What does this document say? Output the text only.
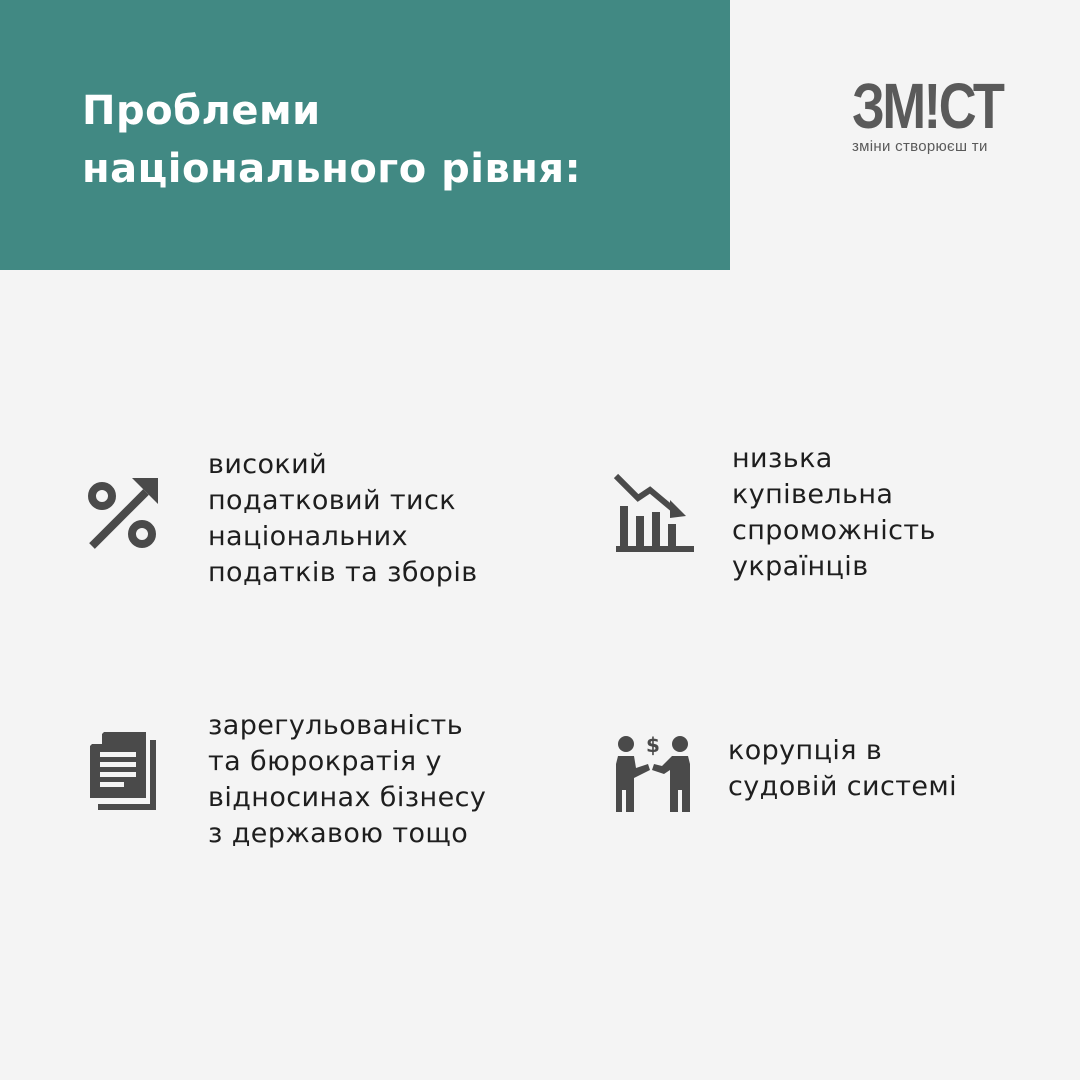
Проблеми
національного рівня:
ЗМ!СТ
зміни створюєш ти

високий
податковий тиск
національних
податків та зборів

низька
купівельна
спроможність
українців

зарегульованість
та бюрократія у
відносинах бізнесу
з державою тощо

$	корупція в
судовій системі
